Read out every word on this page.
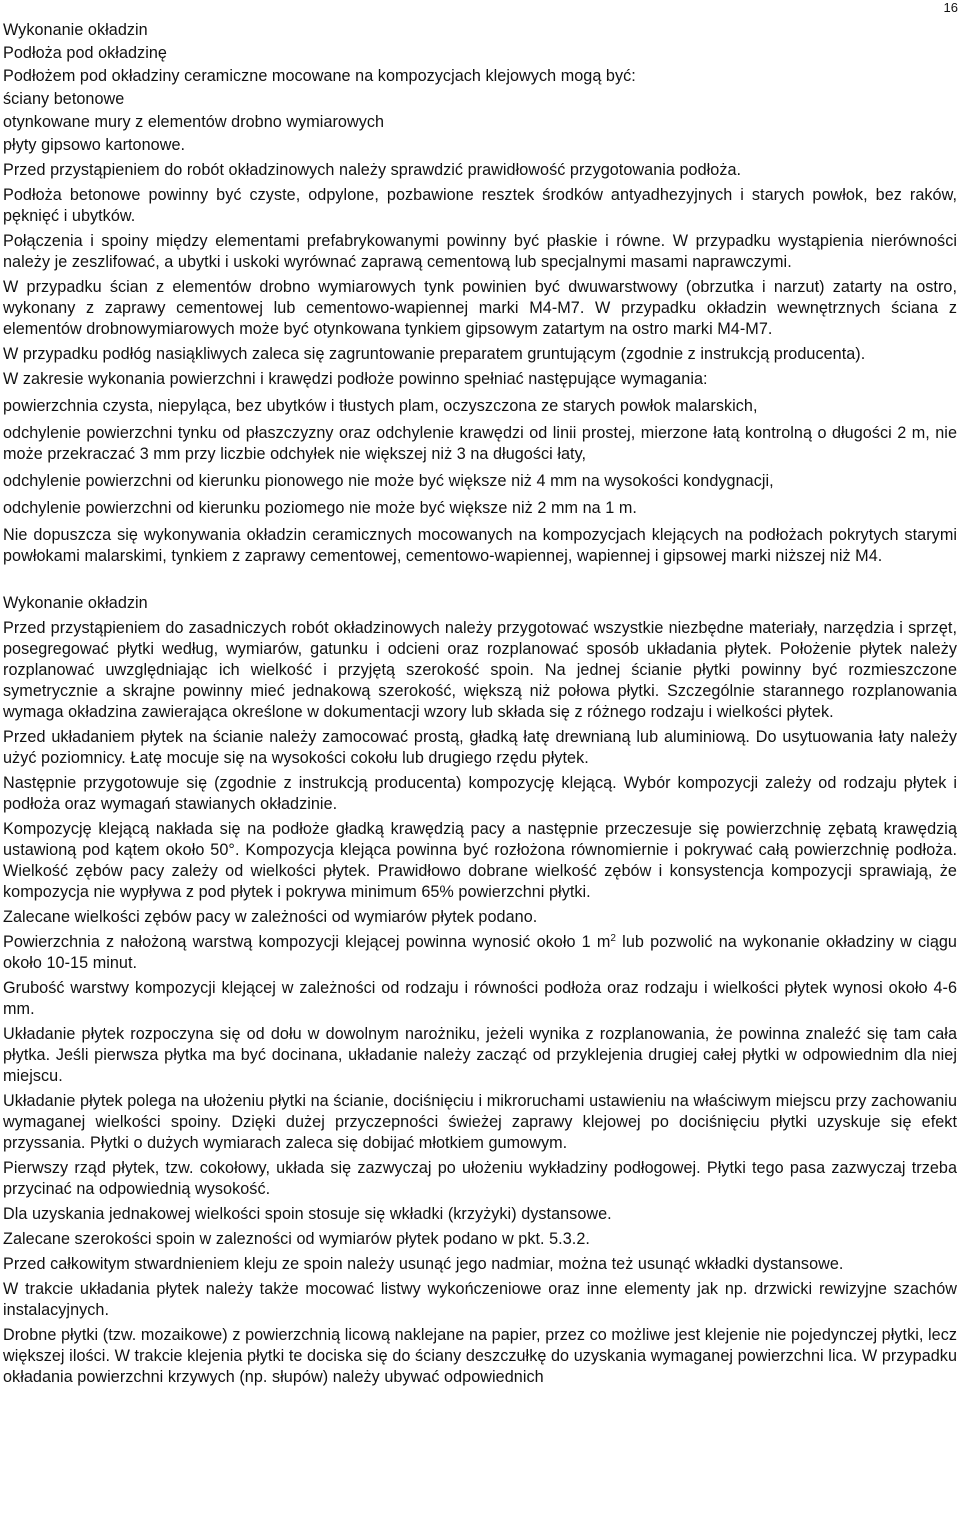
16

Wykonanie okładzin

Podłoża pod okładzinę

Podłożem pod okładziny ceramiczne mocowane na kompozycjach klejowych mogą być:

ściany betonowe

otynkowane mury z elementów drobno wymiarowych

płyty gipsowo kartonowe.

Przed przystąpieniem do robót okładzinowych należy sprawdzić prawidłowość przygotowania podłoża.

Podłoża betonowe powinny być czyste, odpylone, pozbawione resztek środków antyadhezyjnych i starych powłok, bez raków, pęknięć i ubytków.

Połączenia i spoiny między elementami prefabrykowanymi powinny być płaskie i równe. W przypadku wystąpienia nierówności należy je zeszlifować, a ubytki i uskoki wyrównać zaprawą cementową lub specjalnymi masami naprawczymi.

W przypadku ścian z elementów drobno wymiarowych tynk powinien być dwuwarstwowy (obrzutka i narzut) zatarty na ostro, wykonany z zaprawy cementowej lub cementowo-wapiennej marki M4-M7. W przypadku okładzin wewnętrznych ściana z elementów drobnowymiarowych może być otynkowana tynkiem gipsowym zatartym na ostro marki M4-M7.

W przypadku podłóg nasiąkliwych zaleca się zagruntowanie preparatem gruntującym (zgodnie z instrukcją producenta).

W zakresie wykonania powierzchni i krawędzi podłoże powinno spełniać następujące wymagania:

powierzchnia czysta, niepyląca, bez ubytków i tłustych plam, oczyszczona ze starych powłok malarskich,

odchylenie powierzchni tynku od płaszczyzny oraz odchylenie krawędzi od linii prostej, mierzone łatą kontrolną o długości 2 m, nie może przekraczać 3 mm przy liczbie odchyłek nie większej niż 3 na długości łaty,

odchylenie powierzchni od kierunku pionowego nie może być większe niż 4 mm na wysokości kondygnacji,

odchylenie powierzchni od kierunku poziomego nie może być większe niż 2 mm na 1 m.

Nie dopuszcza się wykonywania okładzin ceramicznych mocowanych na kompozycjach klejących na podłożach pokrytych starymi powłokami malarskimi, tynkiem z zaprawy cementowej, cementowo-wapiennej, wapiennej i gipsowej marki niższej niż M4.

Wykonanie okładzin

Przed przystąpieniem do zasadniczych robót okładzinowych należy przygotować wszystkie niezbędne materiały, narzędzia i sprzęt, posegregować płytki według, wymiarów, gatunku i odcieni oraz rozplanować sposób układania płytek. Położenie płytek należy rozplanować uwzględniając ich wielkość i przyjętą szerokość spoin. Na jednej ścianie płytki powinny być rozmieszczone symetrycznie a skrajne powinny mieć jednakową szerokość, większą niż połowa płytki. Szczególnie starannego rozplanowania wymaga okładzina zawierająca określone w dokumentacji wzory lub składa się z różnego rodzaju i wielkości płytek.

Przed układaniem płytek na ścianie należy zamocować prostą, gładką łatę drewnianą lub aluminiową. Do usytuowania łaty należy użyć poziomnicy. Łatę mocuje się na wysokości cokołu lub drugiego rzędu płytek.

Następnie przygotowuje się (zgodnie z instrukcją producenta) kompozycję klejącą. Wybór kompozycji zależy od rodzaju płytek i podłoża oraz wymagań stawianych okładzinie.

Kompozycję klejącą nakłada się na podłoże gładką krawędzią pacy a następnie przeczesuje się powierzchnię zębatą krawędzią ustawioną pod kątem około 50°. Kompozycja klejąca powinna być rozłożona równomiernie i pokrywać całą powierzchnię podłoża. Wielkość zębów pacy zależy od wielkości płytek. Prawidłowo dobrane wielkość zębów i konsystencja kompozycji sprawiają, że kompozycja nie wypływa z pod płytek i pokrywa minimum 65% powierzchni płytki.

Zalecane wielkości zębów pacy w zależności od wymiarów płytek podano.

Powierzchnia z nałożoną warstwą kompozycji klejącej powinna wynosić około 1 $m^2$ lub pozwolić na wykonanie okładziny w ciągu około 10-15 minut.

Grubość warstwy kompozycji klejącej w zależności od rodzaju i równości podłoża oraz rodzaju i wielkości płytek wynosi około 4-6 mm.

Układanie płytek rozpoczyna się od dołu w dowolnym narożniku, jeżeli wynika z rozplanowania, że powinna znaleźć się tam cała płytka. Jeśli pierwsza płytka ma być docinana, układanie należy zacząć od przyklejenia drugiej całej płytki w odpowiednim dla niej miejscu.

Układanie płytek polega na ułożeniu płytki na ścianie, dociśnięciu i mikroruchami ustawieniu na właściwym miejscu przy zachowaniu wymaganej wielkości spoiny. Dzięki dużej przyczepności świeżej zaprawy klejowej po dociśnięciu płytki uzyskuje się efekt przyssania. Płytki o dużych wymiarach zaleca się dobijać młotkiem gumowym.

Pierwszy rząd płytek, tzw. cokołowy, układa się zazwyczaj po ułożeniu wykładziny podłogowej. Płytki tego pasa zazwyczaj trzeba przycinać na odpowiednią wysokość.

Dla uzyskania jednakowej wielkości spoin stosuje się wkładki (krzyżyki) dystansowe.

Zalecane szerokości spoin w zalezności od wymiarów płytek podano w pkt. 5.3.2.

Przed całkowitym stwardnieniem kleju ze spoin należy usunąć jego nadmiar, można też usunąć wkładki dystansowe.

W trakcie układania płytek należy także mocować listwy wykończeniowe oraz inne elementy jak np. drzwicki rewizyjne szachów instalacyjnych.

Drobne płytki (tzw. mozaikowe) z powierzchnią licową naklejane na papier, przez co możliwe jest klejenie nie pojedynczej płytki, lecz większej ilości. W trakcie klejenia płytki te dociska się do ściany deszczułkę do uzyskania wymaganej powierzchni lica. W przypadku okładania powierzchni krzywych (np. słupów) należy ubywać odpowiednich
